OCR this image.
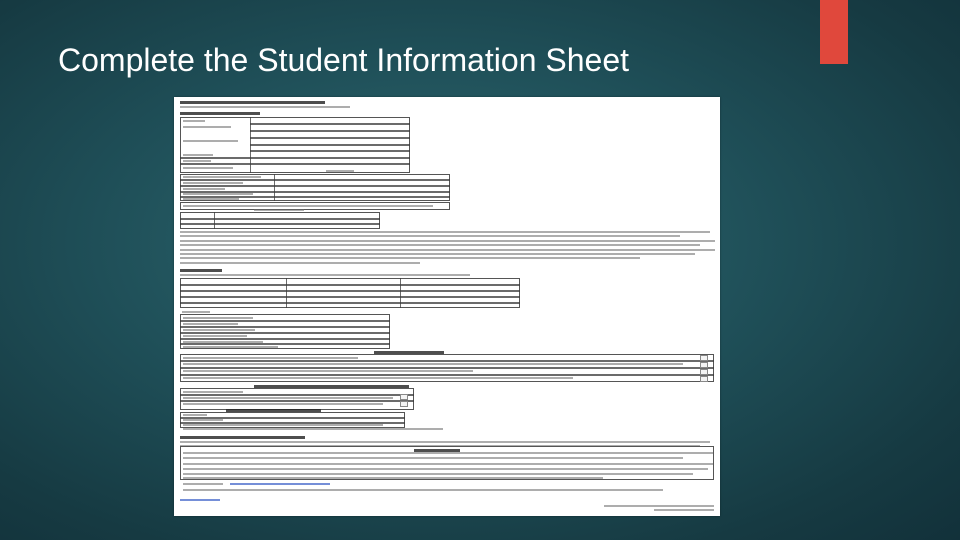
Complete the Student Information Sheet
